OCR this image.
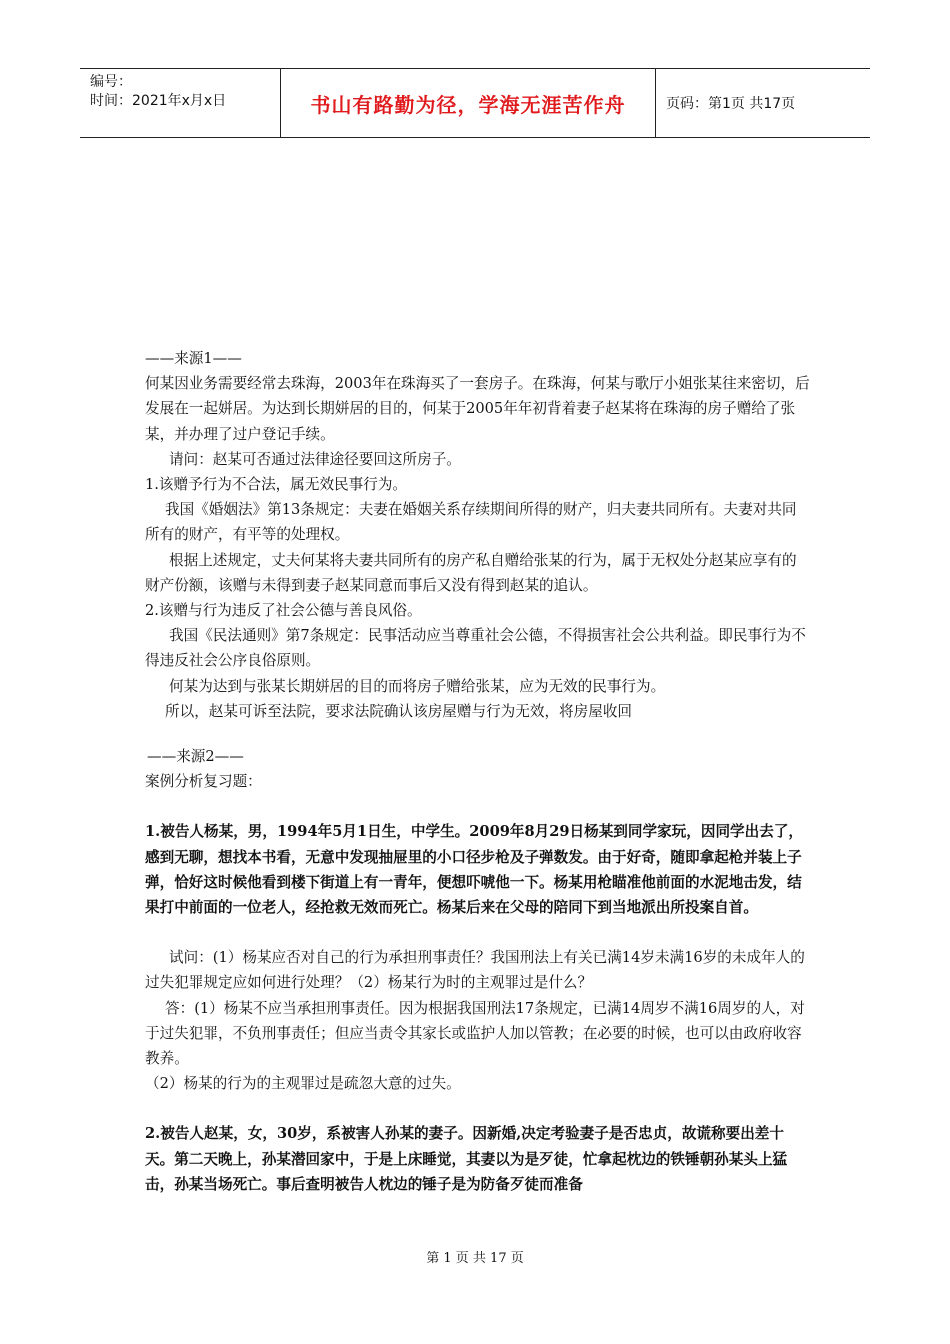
编号：
时间：2021年x月x日	书山有路勤为径，学海无涯苦作舟	页码：第1页 共17页

——来源1——

何某因业务需要经常去珠海，2003年在珠海买了一套房子。在珠海，何某与歌厅小姐张某往来密切，后发展在一起姘居。为达到长期姘居的目的，何某于2005年年初背着妻子赵某将在珠海的房子赠给了张某，并办理了过户登记手续。

请问：赵某可否通过法律途径要回这所房子。

1.该赠予行为不合法，属无效民事行为。

我国《婚姻法》第13条规定：夫妻在婚姻关系存续期间所得的财产，归夫妻共同所有。夫妻对共同所有的财产，有平等的处理权。

根据上述规定，丈夫何某将夫妻共同所有的房产私自赠给张某的行为，属于无权处分赵某应享有的财产份额，该赠与未得到妻子赵某同意而事后又没有得到赵某的追认。

2.该赠与行为违反了社会公德与善良风俗。

我国《民法通则》第7条规定：民事活动应当尊重社会公德，不得损害社会公共利益。即民事行为不得违反社会公序良俗原则。

何某为达到与张某长期姘居的目的而将房子赠给张某，应为无效的民事行为。

所以，赵某可诉至法院，要求法院确认该房屋赠与行为无效，将房屋收回

——来源2——

案例分析复习题：

1.被告人杨某，男，1994年5月1日生，中学生。2009年8月29日杨某到同学家玩，因同学出去了，感到无聊，想找本书看，无意中发现抽屉里的小口径步枪及子弹数发。由于好奇，随即拿起枪并装上子弹，恰好这时候他看到楼下街道上有一青年，便想吓唬他一下。杨某用枪瞄准他前面的水泥地击发，结果打中前面的一位老人，经抢救无效而死亡。杨某后来在父母的陪同下到当地派出所投案自首。

试问：(1）杨某应否对自己的行为承担刑事责任？我国刑法上有关已满14岁未满16岁的未成年人的过失犯罪规定应如何进行处理？（2）杨某行为时的主观罪过是什么？

答：(1）杨某不应当承担刑事责任。因为根据我国刑法17条规定，已满14周岁不满16周岁的人，对于过失犯罪，不负刑事责任；但应当责令其家长或监护人加以管教；在必要的时候，也可以由政府收容教养。

（2）杨某的行为的主观罪过是疏忽大意的过失。

2.被告人赵某，女，30岁，系被害人孙某的妻子。因新婚,决定考验妻子是否忠贞，故谎称要出差十天。第二天晚上，孙某潜回家中，于是上床睡觉，其妻以为是歹徒，忙拿起枕边的铁锤朝孙某头上猛击，孙某当场死亡。事后查明被告人枕边的锤子是为防备歹徒而准备

第 1 页 共 17 页
